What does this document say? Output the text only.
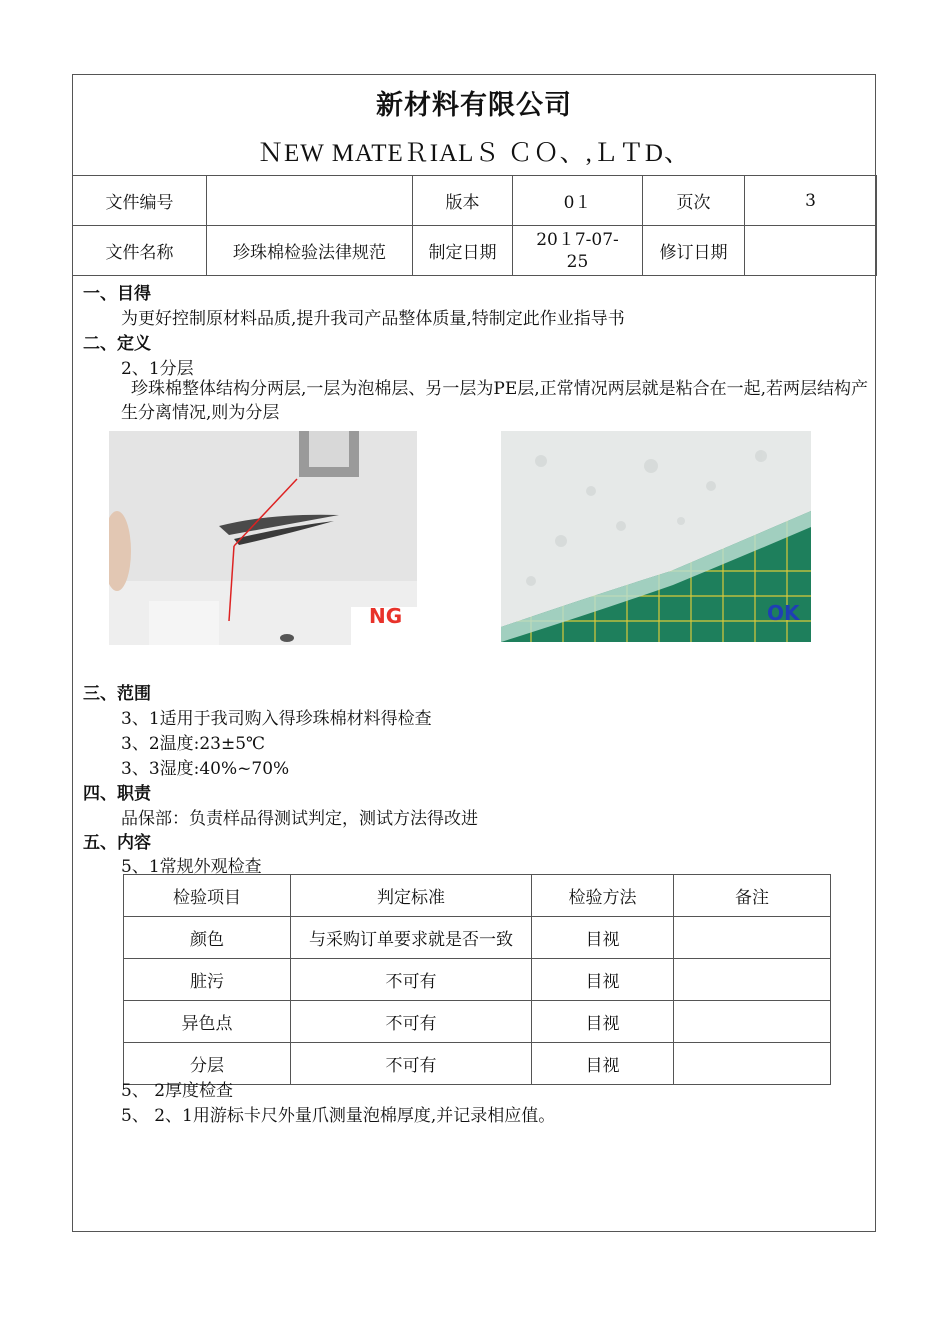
新材料有限公司
ＮEW MATEＲIALＳ ＣＯ、,ＬＴD、
文件编号		版本	0１	页次	3
文件名称	珍珠棉检验法律规范	制定日期	20１7-07-25	修订日期	
一、目得
为更好控制原材料品质,提升我司产品整体质量,特制定此作业指导书
二、定义
2、1分层
珍珠棉整体结构分两层,一层为泡棉层、另一层为PE层,正常情况两层就是粘合在一起,若两层结构产生分离情况,则为分层
NG	OK
三、范围
3、1适用于我司购入得珍珠棉材料得检查
3、2温度:23±5℃
3、3湿度:40%~70%
四、职责
品保部：负责样品得测试判定，测试方法得改进
五、内容
5、1常规外观检查
检验项目	判定标准	检验方法	备注
颜色	与采购订单要求就是否一致	目视	
脏污	不可有	目视	
异色点	不可有	目视	
分层	不可有	目视	
5、 2厚度检查
5、 2、1用游标卡尺外量爪测量泡棉厚度,并记录相应值。
